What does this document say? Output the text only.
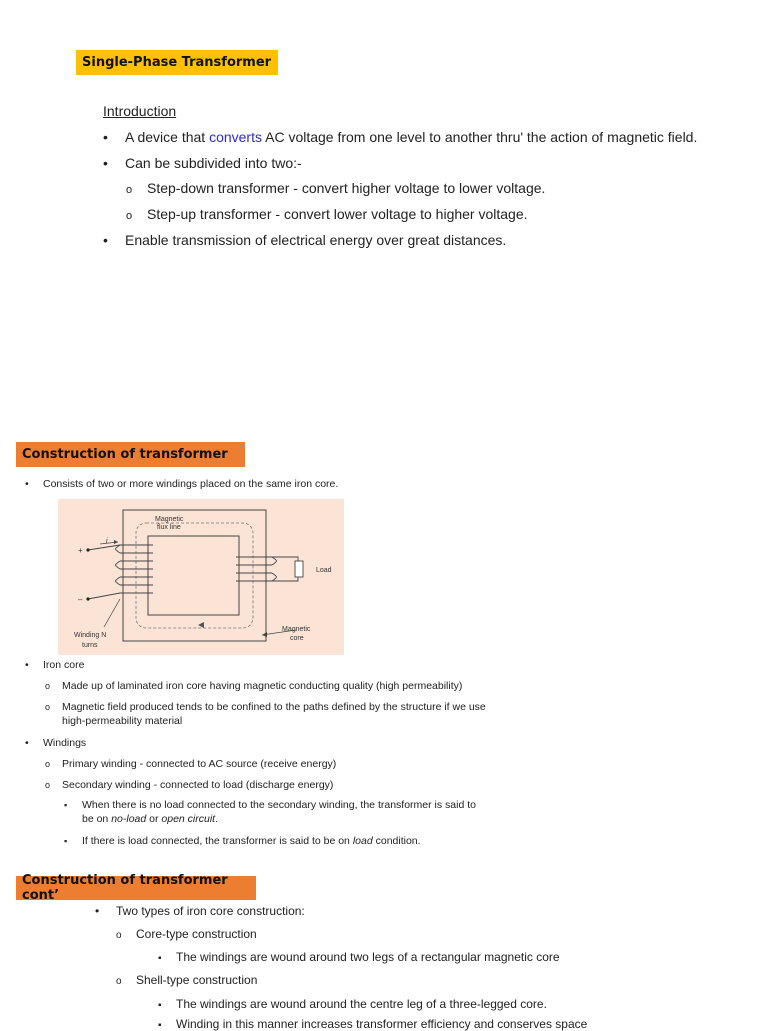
Single-Phase Transformer
Introduction
•
A device that converts AC voltage from one level to another thru' the action of magnetic field.
•
Can be subdivided into two:-
o
Step-down transformer - convert higher voltage to lower voltage.
o
Step-up transformer - convert lower voltage to higher voltage.
•
Enable transmission of electrical energy over great distances.
Construction of transformer
•
Consists of two or more windings placed on the same iron core.
Magnetic
flux line
Load
Magnetic
core
Winding N
turns
i
+
–
•
Iron core
o
Made up of laminated iron core having magnetic conducting quality (high permeability)
o
Magnetic field produced tends to be confined to the paths defined by the structure if we use
high-permeability material
•
Windings
o
Primary winding - connected to AC source (receive energy)
o
Secondary winding - connected to load (discharge energy)
▪
When there is no load connected to the secondary winding, the transformer is said to
be on no-load or open circuit.
▪
If there is load connected, the transformer is said to be on load condition.
Construction of transformer cont’
•
Two types of iron core construction:
o
Core-type construction
▪
The windings are wound around two legs of a rectangular magnetic core
o
Shell-type construction
▪
The windings are wound around the centre leg of a three-legged core.
▪
Winding in this manner increases transformer efficiency and conserves space
